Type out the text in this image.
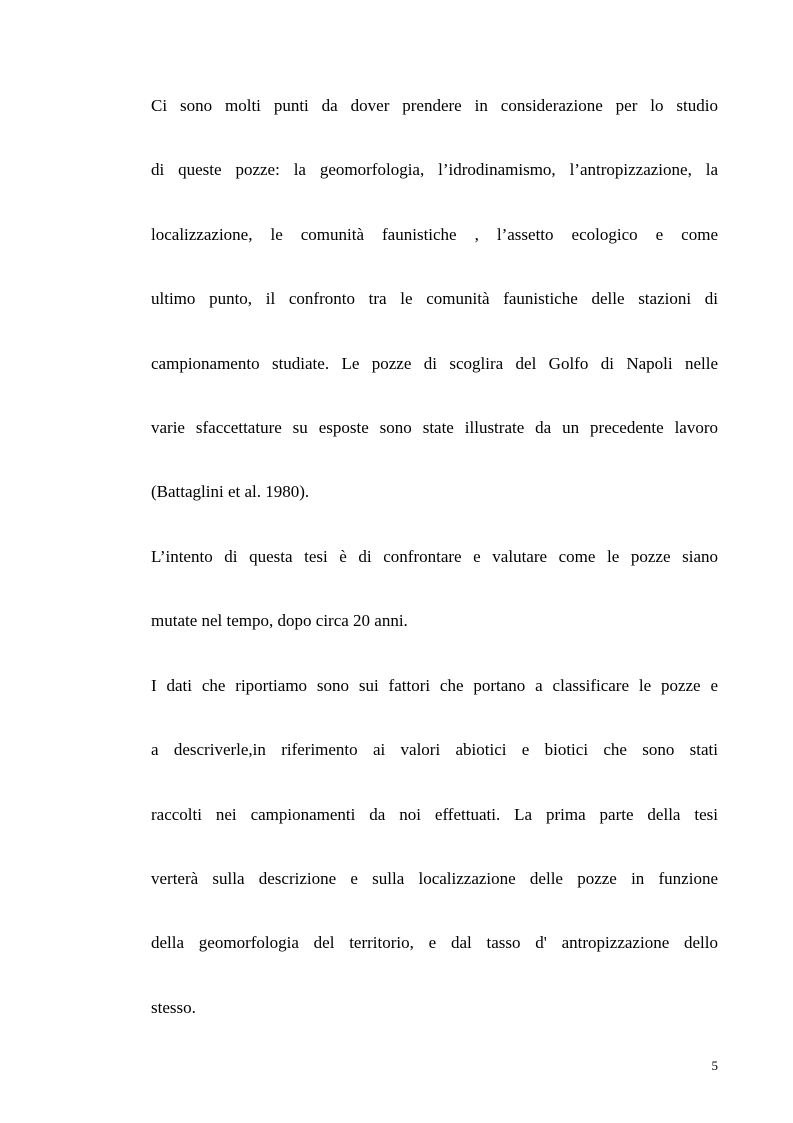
Ci sono molti punti da dover prendere in considerazione per lo studio
di queste pozze: la geomorfologia, l’idrodinamismo, l’antropizzazione, la
localizzazione, le comunità faunistiche , l’assetto ecologico e come
ultimo punto, il confronto tra le comunità faunistiche delle stazioni di
campionamento studiate. Le pozze di scoglira del Golfo di Napoli nelle
varie sfaccettature su esposte sono state illustrate da un precedente lavoro
(Battaglini et al. 1980).
L’intento di questa tesi è di confrontare e valutare come le pozze siano
mutate nel tempo, dopo circa 20 anni.
I dati che riportiamo sono sui fattori che portano a classificare le pozze e
a descriverle,in riferimento ai valori abiotici e biotici che sono stati
raccolti nei campionamenti da noi effettuati. La prima parte della tesi
verterà sulla descrizione e sulla localizzazione delle pozze in funzione
della geomorfologia del territorio, e dal tasso d' antropizzazione dello
stesso.
5
